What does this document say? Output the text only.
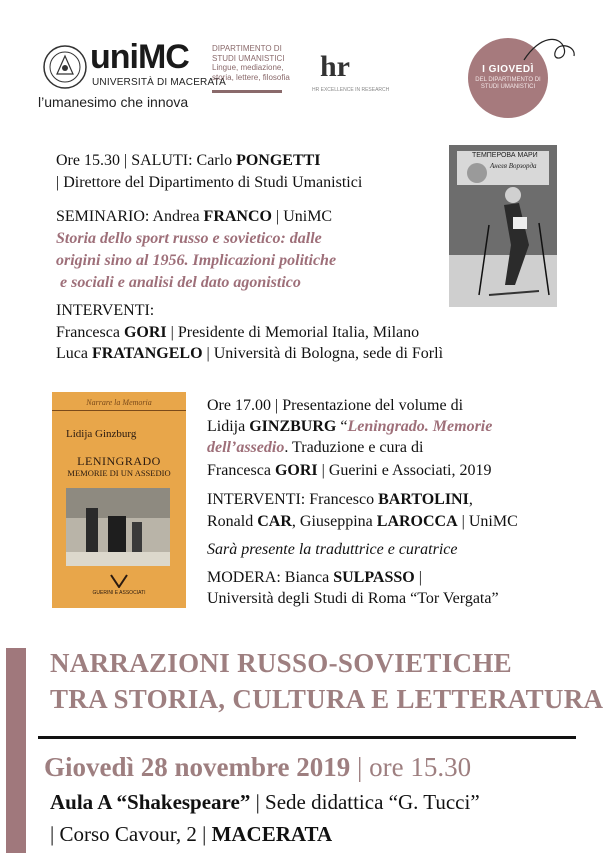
uniMC
UNIVERSITÀ DI MACERATA
l’umanesimo che innova
DIPARTIMENTO DI
STUDI UMANISTICI
Lingue, mediazione,
storia, lettere, filosofia	hr
HR EXCELLENCE IN RESEARCH
I GIOVEDÌ
DEL DIPARTIMENTO DI STUDI UMANISTICI
Ore 15.30 | SALUTI: Carlo PONGETTI
| Direttore del Dipartimento di Studi Umanistici
SEMINARIO: Andrea FRANCO | UniMC
Storia dello sport russo e sovietico: dalle
origini sino al 1956. Implicazioni politiche
e sociali e analisi del dato agonistico
INTERVENTI:
Francesca GORI | Presidente di Memorial Italia, Milano
Luca FRATANGELO | Università di Bologna, sede di Forlì
ТЕМПЕРОВА МАРИ
Анеля Ворзорда
Narrare la Memoria
Lidija Ginzburg
LENINGRADO
MEMORIE DI UN ASSEDIO
GUERINI E ASSOCIATI
Ore 17.00 | Presentazione del volume di
Lidija GINZBURG “Leningrado. Memorie
dell’assedio. Traduzione e cura di
Francesca GORI | Guerini e Associati, 2019
INTERVENTI: Francesco BARTOLINI,
Ronald CAR, Giuseppina LAROCCA | UniMC
Sarà presente la traduttrice e curatrice
MODERA: Bianca SULPASSO |
Università degli Studi di Roma “Tor Vergata”
NARRAZIONI RUSSO-SOVIETICHE
TRA STORIA, CULTURA E LETTERATURA
Giovedì 28 novembre 2019 | ore 15.30
Aula A “Shakespeare” | Sede didattica “G. Tucci”
| Corso Cavour, 2 | MACERATA
